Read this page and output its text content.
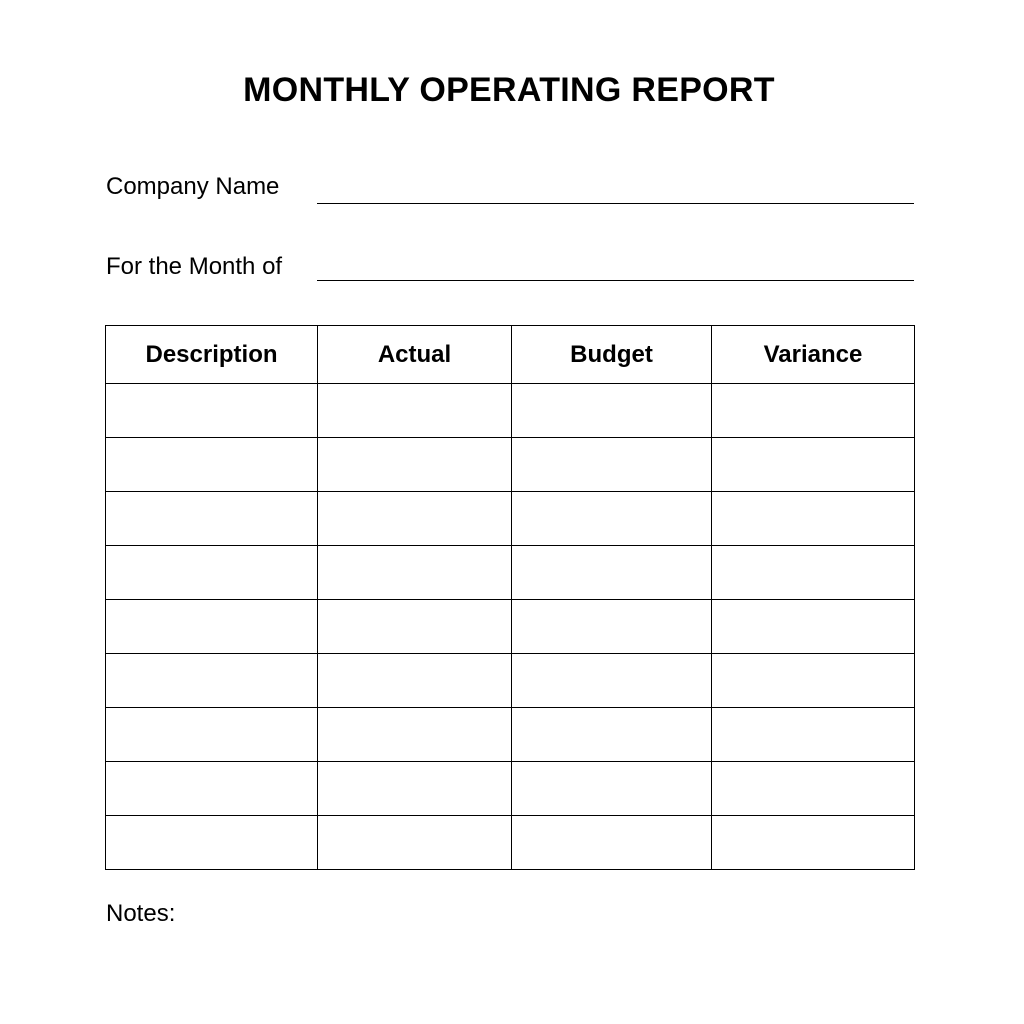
MONTHLY OPERATING REPORT
Company Name
For the Month of
Description	Actual	Budget	Variance

Notes:
